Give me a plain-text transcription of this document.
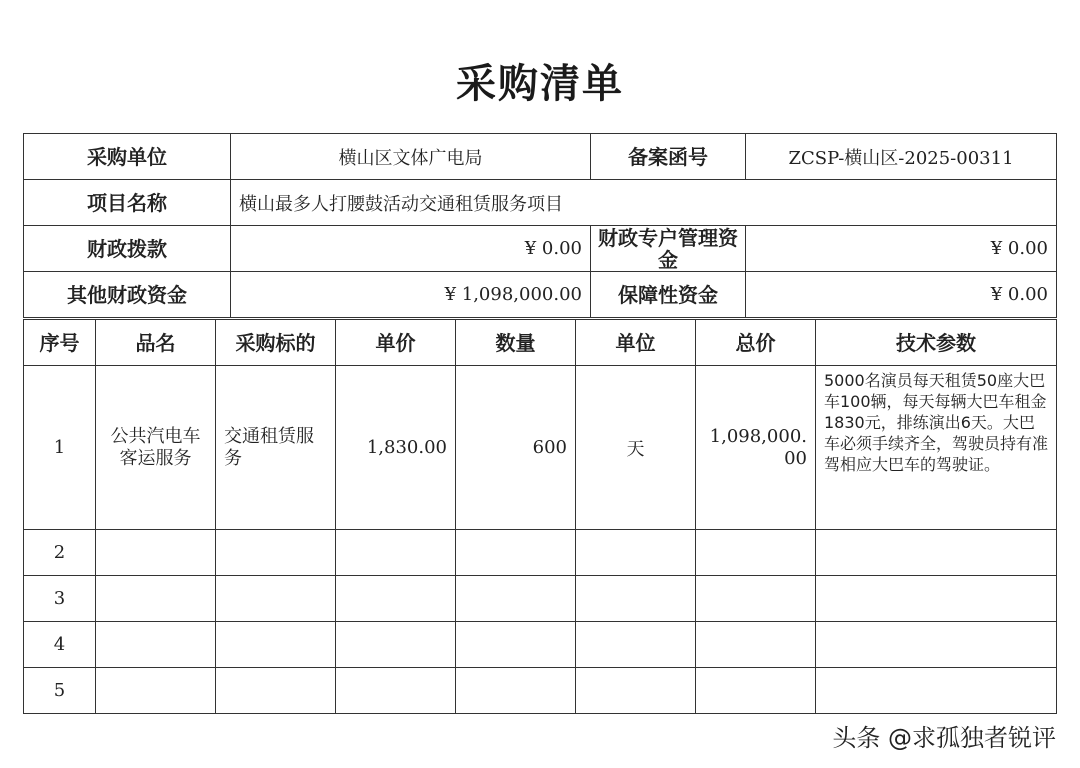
采购清单
采购单位	横山区文体广电局	备案函号	ZCSP-横山区-2025-00311
项目名称	横山最多人打腰鼓活动交通租赁服务项目		
财政拨款	¥ 0.00	财政专户管理资金	¥ 0.00
其他财政资金	¥ 1,098,000.00	保障性资金	¥ 0.00
序号	品名	采购标的	单价	数量	单位	总价	技术参数
1	公共汽电车客运服务	交通租赁服务	1,830.00	600	天	1,098,000.00	5000名演员每天租赁50座大巴车100辆，每天每辆大巴车租金1830元，排练演出6天。大巴车必须手续齐全，驾驶员持有准驾相应大巴车的驾驶证。
2							
3							
4							
5							
头条 @求孤独者锐评
